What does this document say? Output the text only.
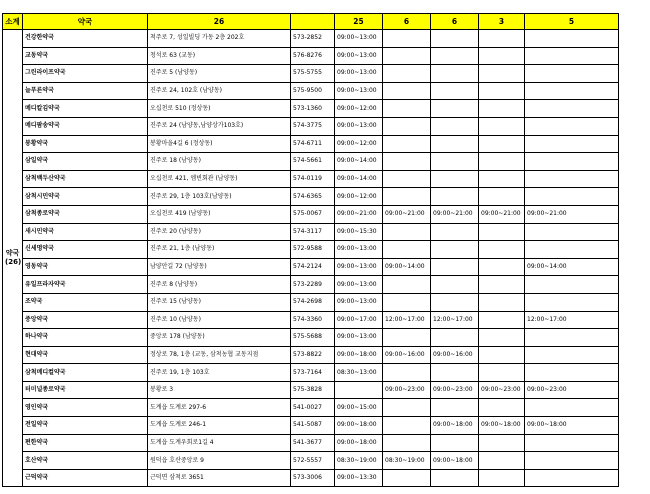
소계	약국	26		25	6	6	3	5
약국
(26)	건강한약국	척주로 7, 성일빌딩 가동 2층 202호	573-2852	09:00~13:00				
	교동약국	청석로 63 (교동)	576-8276	09:00~13:00				
	그린라이프약국	진주로 5 (남양동)	575-5755	09:00~13:00				
	늘푸른약국	진주로 24, 102호 (남양동)	575-9500	09:00~13:00				
	메디칼김약국	오십천로 510 (정상동)	573-1360	09:00~12:00				
	메디팜송약국	진주로 24 (남양동,남양상가103호)	574-3775	09:00~13:00				
	봉황약국	봉황마을4길 6 (정상동)	574-6711	09:00~12:00				
	삼일약국	진주로 18 (남양동)	574-5661	09:00~14:00				
	삼척백두산약국	오십천로 421, 엠빈회관 (남양동)	574-0119	09:00~14:00				
	삼척시민약국	진주로 29, 1층 103호(남양동)	574-6365	09:00~12:00				
	삼척종로약국	오십천로 419 (남양동)	575-0067	09:00~21:00	09:00~21:00	09:00~21:00	09:00~21:00	09:00~21:00
	새시민약국	진주로 20 (남양동)	574-3117	09:00~15:30				
	신세명약국	진주로 21, 1층 (남양동)	572-9588	09:00~13:00				
	영동약국	남양안길 72 (남양동)	574-2124	09:00~13:00	09:00~14:00			09:00~14:00
	유일프라자약국	진주로 8 (남양동)	573-2289	09:00~13:00				
	조약국	진주로 15 (남양동)	574-2698	09:00~13:00				
	중앙약국	진주로 10 (남양동)	574-3360	09:00~17:00	12:00~17:00	12:00~17:00		12:00~17:00
	하나약국	중앙로 178 (남양동)	575-5688	09:00~13:00				
	현대약국	정상로 78, 1층 (교동, 삼척농협 교동지점	573-8822	09:00~18:00	09:00~16:00	09:00~16:00		
	삼척메디컬약국	진주로 19, 1층 103호	573-7164	08:30~13:00				
	터미널종로약국	봉황로 3	575-3828		09:00~23:00	09:00~23:00	09:00~23:00	09:00~23:00
	영인약국	도계읍 도계로 297-6	541-0027	09:00~15:00				
	전일약국	도계읍 도계로 246-1	541-5087	09:00~18:00		09:00~18:00	09:00~18:00	09:00~18:00
	편한약국	도계읍 도계우회로1길 4	541-3677	09:00~18:00				
	호산약국	원덕읍 호산중앙로 9	572-5557	08:30~19:00	08:30~19:00	09:00~18:00		
	근덕약국	근덕면 삼척로 3651	573-3006	09:00~13:30				
